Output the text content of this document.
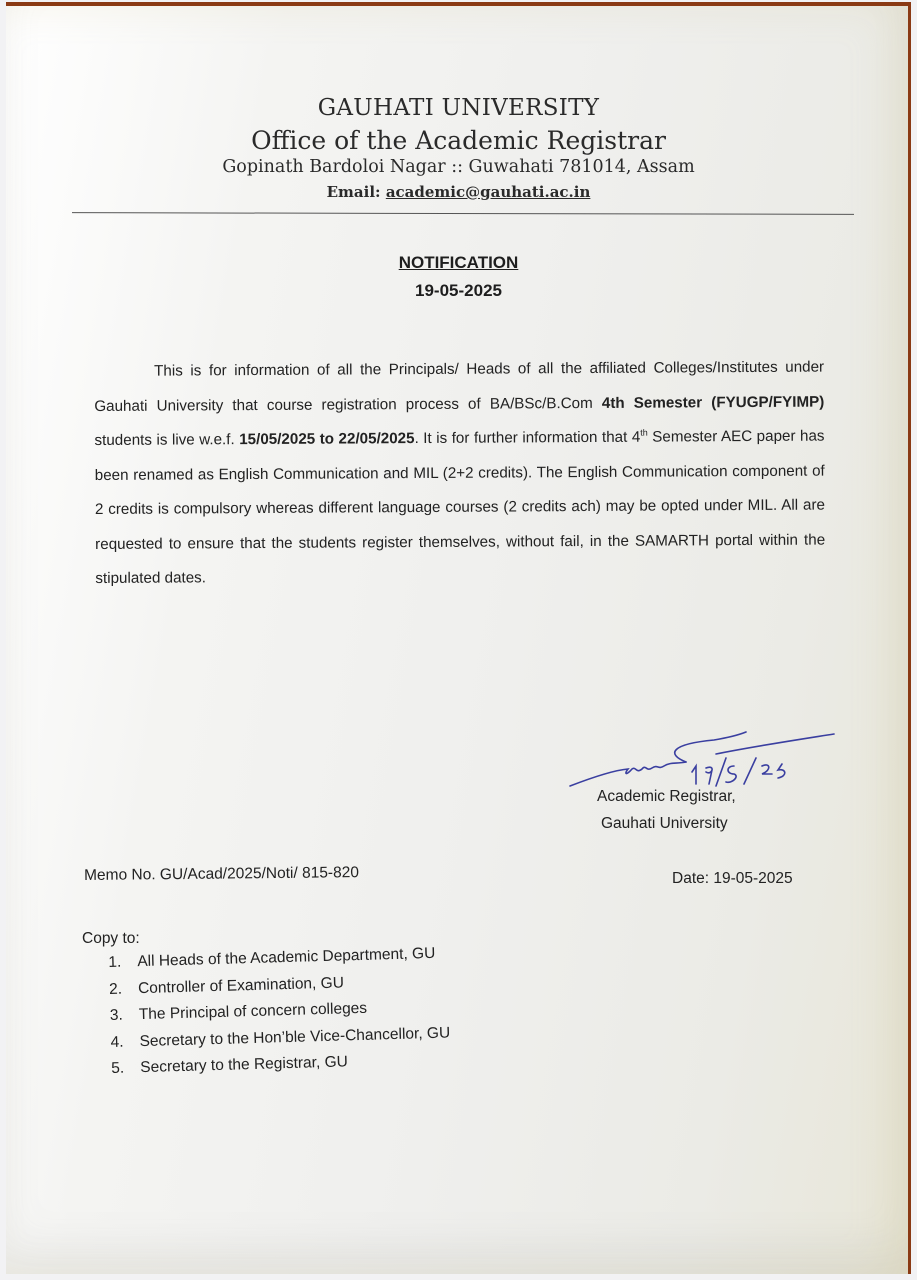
GAUHATI UNIVERSITY
Office of the Academic Registrar
Gopinath Bardoloi Nagar :: Guwahati 781014, Assam
Email: academic@gauhati.ac.in
NOTIFICATION
19-05-2025
This is for information of all the Principals/ Heads of all the affiliated Colleges/Institutes under Gauhati University that course registration process of BA/BSc/B.Com 4th Semester (FYUGP/FYIMP) students is live w.e.f. 15/05/2025 to 22/05/2025. It is for further information that 4th Semester AEC paper has been renamed as English Communication and MIL (2+2 credits). The English Communication component of 2 credits is compulsory whereas different language courses (2 credits ach) may be opted under MIL. All are requested to ensure that the students register themselves, without fail, in the SAMARTH portal within the stipulated dates.
Academic Registrar,
Gauhati University
Memo No. GU/Acad/2025/Noti/ 815-820	Date: 19-05-2025
Copy to:
1.	All Heads of the Academic Department, GU
2.	Controller of Examination, GU
3.	The Principal of concern colleges
4.	Secretary to the Hon’ble Vice-Chancellor, GU
5.	Secretary to the Registrar, GU
